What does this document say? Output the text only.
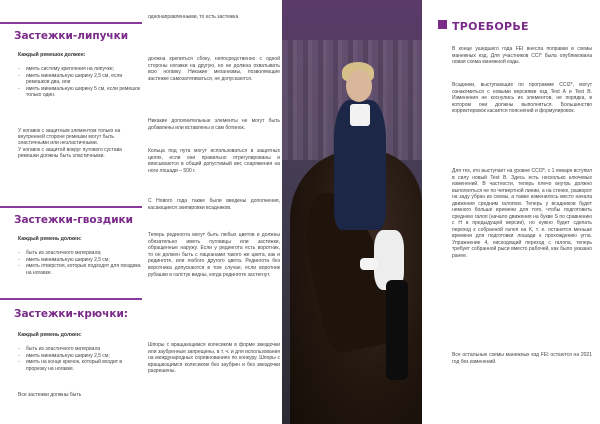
Застежки-липучки
Каждый ремешок должен:
- иметь систему крепления на липучке;
- иметь минимальную ширину 2,5 см, если ремешков два, или
- иметь минимальную ширину 5 см, если ремешок только один.
У ногавок с защитным элементом только на внутренней стороне ремешки могут быть эластичными или неэластичными.
У ногавок с защитой вокруг путового сустава ремешки должны быть эластичными.
Застежки-гвоздики
Каждый ремень должен:
- быть из эластичного материала;
- иметь минимальную ширину 2,5 см;
- иметь отверстия, которые подходят для гвоздика на ногавке.
Застежки-крючки:
Каждый ремень должен:
- быть из эластичного материала
- иметь минимальную ширину 2,5 см;
- иметь на конце крючок, который входит в прорезку на ногавке.
Все застежки должны быть
однонаправленными, то есть застежка
должна крепиться сбоку, непосредственно с одной стороны ногавки на другую, но не должна охватывать всю ногавку. Никакие механизмы, позволяющие застежке самозатягиваться, не допускаются.
Никакие дополнительные элементы не могут быть добавлены или вставлены в сам ботинок.
Кольца под пута могут использоваться в защитных целях, если они правильно отрегулированы и вписываются в общий допустимый вес снаряжения на ноги лошади – 500 г.
С Нового года также были введены дополнения, касающиеся экипировки всадников.
Теперь редингота могут быть любых цветов и должны обязательно иметь пуговицы или застежки, обращенные наружу. Если у редингота есть воротник, то он должен быть с лацканами такого же цвета, как и рединготе, или любого другого цвета. Редингота без воротника допускаются в том случае, если воротник рубашки и галстук видны, когда рединготе застегнут.
Шпоры с вращающимся колесиком в форме звездочки или заубренные запрещены, в т. ч. и для использования на международных соревнованиях по конкуру. Шпоры с вращающимся колесиком без заубрин и без звездочки разрешены.
ТРОЕБОРЬЕ
В конце ушедшего года FEI внесла поправки в схемы манежных езд. Для участников CCI* была опубликована новая схема манежной езды.
Всадники, выступающие по программе CCI2*, могут ознакомиться с новыми версиями езд Test A и Test B. Изменения не коснулись их элементов, не порядка, в котором они должны выполняться. Большинство корректировок касается пояснений и формулировок.
Для тех, кто выступает на уровне CCI3*, с 1 января вступил в силу новый Test B. Здесь есть несколько ключевых изменений. В частности, теперь плечо внутрь должно выполняться не по четвертной линии, а на стенке, разворот на заду убран из схемы, а также изменилось место начала движения средним галопом. Теперь у всадников будет немного больше времени для того, чтобы подготовить среднюю галоп (начало движения на букве S по сравнению с H в предыдущей версии), но нужно будет сделать переход к собранной галоп на K, т. е. останется меньше времени для подготовки лошади к прохождению угла. Упражнение 4, нисходящий переход с галопа, теперь требует собранной рыси вместо рабочей, как было указано ранее.
Все остальные схемы манежных езд FEI остаются на 2021 год без изменений.
